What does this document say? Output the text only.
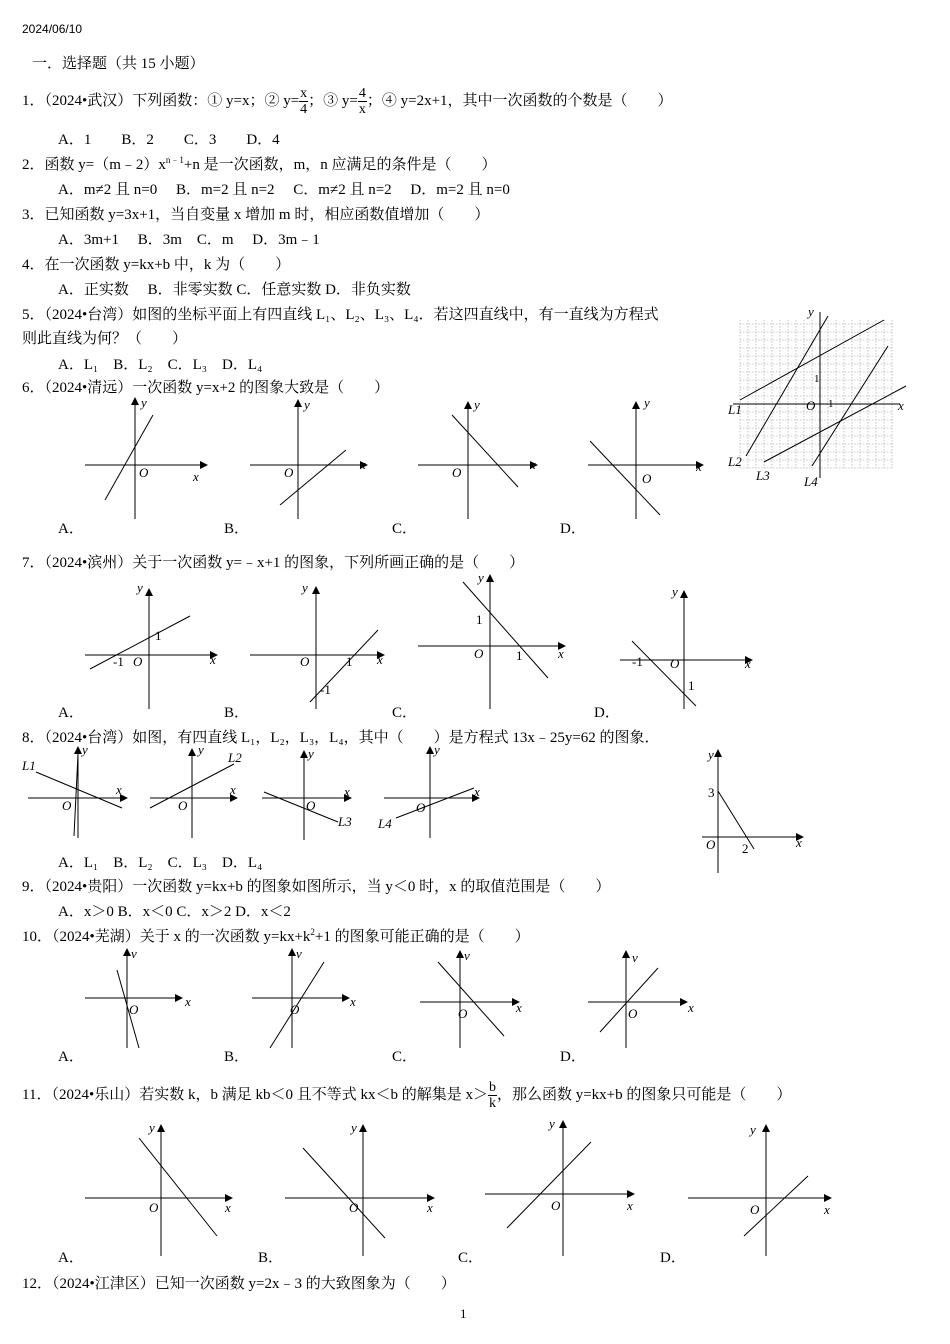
2024/06/10
一．选择题（共 15 小题）
1．（2024•武汉）下列函数：① y=x；② $y= \frac{x}{4}$ ；③ $y= \frac{4}{x}$ ；④ y=2x+1，其中一次函数的个数是（　　）
A．1　　B．2　　C．3　　D．4
2．函数 $y=(m﹣2)x^{n﹣1}+n$ 是一次函数，m，n 应满足的条件是（　　）
A．m≠2 且 n=0　 B．m=2 且 n=2　 C．m≠2 且 n=2　 D．m=2 且 n=0
3．已知函数 y=3x+1，当自变量 x 增加 m 时，相应函数值增加（　　）
A．3m+1　 B．3m　C．m　 D．3m﹣1
4．在一次函数 y=kx+b 中，k 为（　　）
A．正实数　 B．非零实数 C．任意实数 D．非负实数
5．（2024•台湾）如图的坐标平面上有四直线 L₁、L₂、L₃、L₄．若这四直线中，有一直线为方程式
则此直线为何？（　　）
A．L₁　B．L₂　C．L₃　D．L₄
x
y
O
1
1
L1
L2
L3	L4
6．（2024•清远）一次函数 y=x+2 的图象大致是（　　）
x
y
O
x
y
O
x
y
O	x
y
O
A．	B．	C．	D．
7．（2024•滨州）关于一次函数 y=﹣x+1 的图象，下列所画正确的是（　　）
x
y
O
-1
1
x
y
O	1
-1
x
y
O
1
1
x
y
O
-1
1
A．	B．	C．	D．
8．（2024•台湾）如图，有四直线 L₁，L₂，L₃，L₄，其中（　　）是方程式 13x﹣25y=62 的图象．
x
y
O
L1
x
y
O
L2
x
y
O
L3
x
y
O
L4
A．L₁　B．L₂　C．L₃　D．L₄
x
y
O
3
2
9．（2024•贵阳）一次函数 y=kx+b 的图象如图所示，当 y＜0 时，x 的取值范围是（　　）
A．x＞0 B．x＜0 C．x＞2 D．x＜2
10．（2024•芜湖）关于 x 的一次函数 $y=kx+k^2+1$ 的图象可能正确的是（　　）
x
v
O
x
v
O	x
v
O	x
v
O
A．	B．	C．	D．
11．（2024•乐山）若实数 k，b 满足 kb＜0 且不等式 kx＜b 的解集是 $x> \frac{b}{k}$ ，那么函数 y=kx+b 的图象只可能是（　　）
x
y
O	x
y
O	x
y
O	x
y
O
A．	B．	C．	D．
12．（2024•江津区）已知一次函数 y=2x﹣3 的大致图象为（　　）
1
